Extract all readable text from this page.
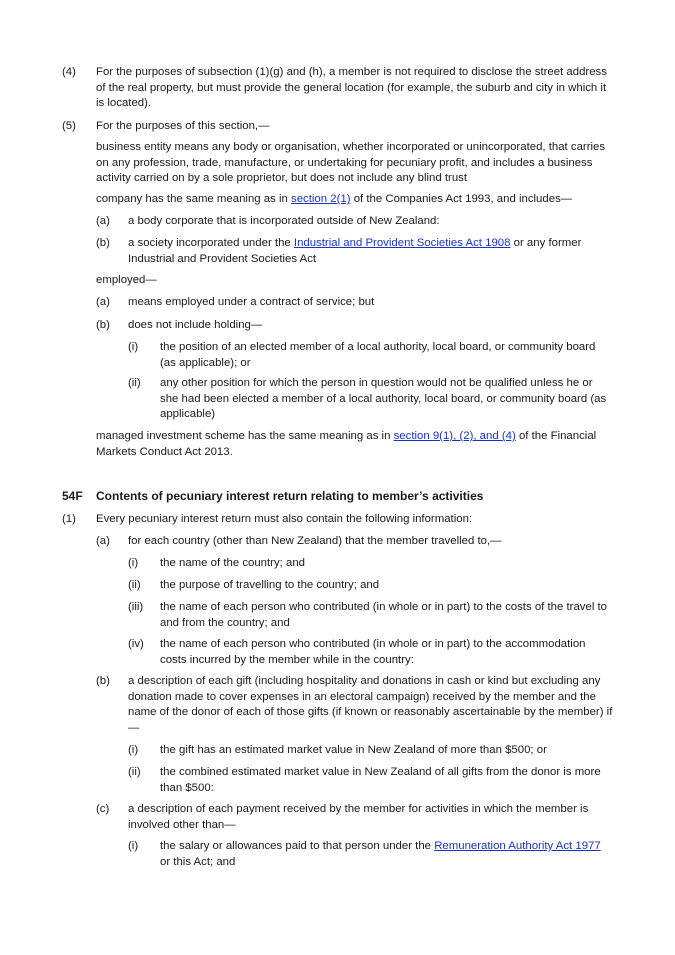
(4) For the purposes of subsection (1)(g) and (h), a member is not required to disclose the street address of the real property, but must provide the general location (for example, the suburb and city in which it is located).
(5) For the purposes of this section,—
business entity means any body or organisation, whether incorporated or unincorporated, that carries on any profession, trade, manufacture, or undertaking for pecuniary profit, and includes a business activity carried on by a sole proprietor, but does not include any blind trust
company has the same meaning as in section 2(1) of the Companies Act 1993, and includes—
(a) a body corporate that is incorporated outside of New Zealand:
(b) a society incorporated under the Industrial and Provident Societies Act 1908 or any former Industrial and Provident Societies Act
employed—
(a) means employed under a contract of service; but
(b) does not include holding—
(i) the position of an elected member of a local authority, local board, or community board (as applicable); or
(ii) any other position for which the person in question would not be qualified unless he or she had been elected a member of a local authority, local board, or community board (as applicable)
managed investment scheme has the same meaning as in section 9(1), (2), and (4) of the Financial Markets Conduct Act 2013.
54F Contents of pecuniary interest return relating to member’s activities
(1) Every pecuniary interest return must also contain the following information:
(a) for each country (other than New Zealand) that the member travelled to,—
(i) the name of the country; and
(ii) the purpose of travelling to the country; and
(iii) the name of each person who contributed (in whole or in part) to the costs of the travel to and from the country; and
(iv) the name of each person who contributed (in whole or in part) to the accommodation costs incurred by the member while in the country:
(b) a description of each gift (including hospitality and donations in cash or kind but excluding any donation made to cover expenses in an electoral campaign) received by the member and the name of the donor of each of those gifts (if known or reasonably ascertainable by the member) if—
(i) the gift has an estimated market value in New Zealand of more than $500; or
(ii) the combined estimated market value in New Zealand of all gifts from the donor is more than $500:
(c) a description of each payment received by the member for activities in which the member is involved other than—
(i) the salary or allowances paid to that person under the Remuneration Authority Act 1977 or this Act; and
